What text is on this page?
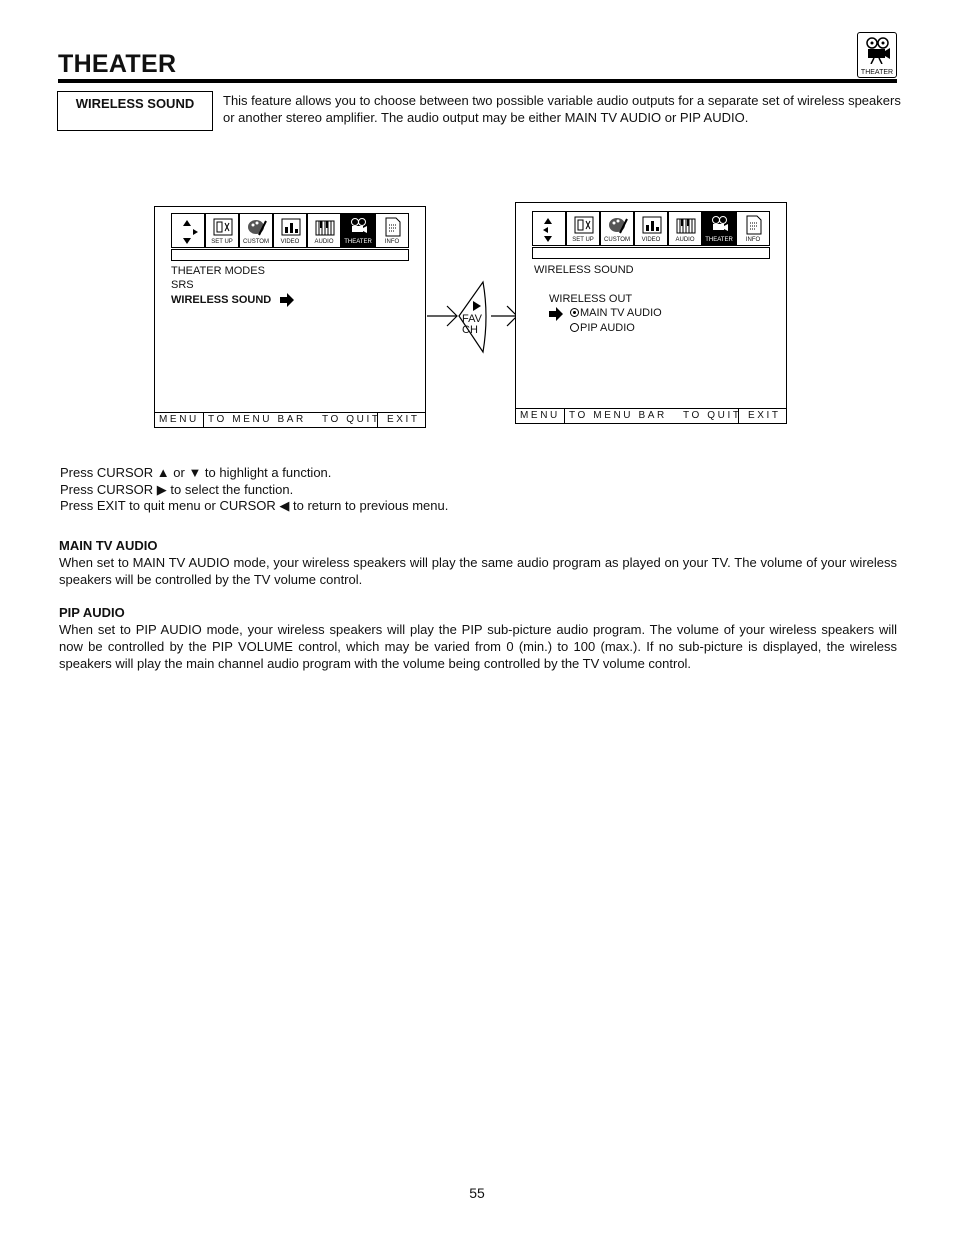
THEATER	THEATER
WIRELESS SOUND	This feature allows you to choose between two possible variable audio outputs for a separate set of wireless speakers or another stereo amplifier. The audio output may be either MAIN TV AUDIO or PIP AUDIO.
SET UP	CUSTOM	VIDEO	AUDIO	THEATER	INFO
THEATER MODES
SRS
WIRELESS SOUND
MENU TO MENU BAR TO QUIT EXIT
FAV
CH
SET UP	CUSTOM	VIDEO	AUDIO	THEATER	INFO
WIRELESS SOUND
WIRELESS OUT
MAIN TV AUDIO
PIP AUDIO
MENU TO MENU BAR TO QUIT EXIT
Press CURSOR ▲ or ▼ to highlight a function.
Press CURSOR ▶ to select the function.
Press EXIT to quit menu or CURSOR ◀ to return to previous menu.
MAIN TV AUDIO
When set to MAIN TV AUDIO mode, your wireless speakers will play the same audio program as played on your TV. The volume of your wireless speakers will be controlled by the TV volume control.
PIP AUDIO
When set to PIP AUDIO mode, your wireless speakers will play the PIP sub-picture audio program. The volume of your wireless speakers will now be controlled by the PIP VOLUME control, which may be varied from 0 (min.) to 100 (max.). If no sub-picture is displayed, the wireless speakers will play the main channel audio program with the volume being controlled by the TV volume control.
55
